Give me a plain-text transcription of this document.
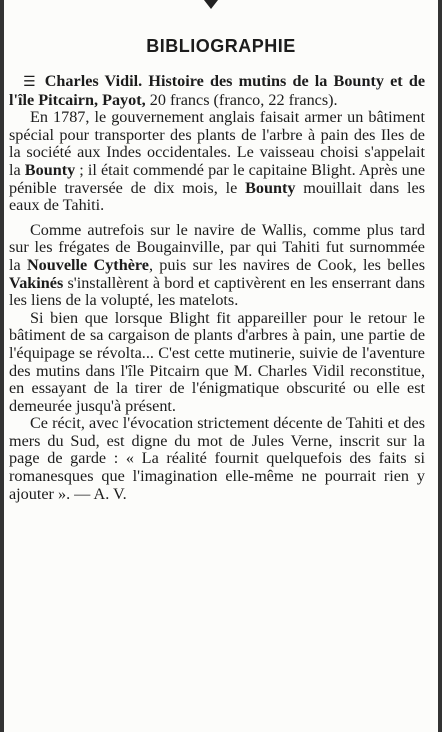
BIBLIOGRAPHIE

☰ Charles Vidil. Histoire des mutins de la Bounty et de l'île Pitcairn, Payot, 20 francs (franco, 22 francs).

En 1787, le gouvernement anglais faisait armer un bâtiment spécial pour transporter des plants de l'arbre à pain des Iles de la société aux Indes occidentales. Le vaisseau choisi s'appelait la Bounty ; il était commendé par le capitaine Blight. Après une pénible traversée de dix mois, le Bounty mouillait dans les eaux de Tahiti.

Comme autrefois sur le navire de Wallis, comme plus tard sur les frégates de Bougainville, par qui Tahiti fut surnommée la Nouvelle Cythère, puis sur les navires de Cook, les belles Vakinés s'installèrent à bord et captivèrent en les enserrant dans les liens de la volupté, les matelots.

Si bien que lorsque Blight fit appareiller pour le retour le bâtiment de sa cargaison de plants d'arbres à pain, une partie de l'équipage se révolta... C'est cette mutinerie, suivie de l'aventure des mutins dans l'île Pitcairn que M. Charles Vidil reconstitue, en essayant de la tirer de l'énigmatique obscurité ou elle est demeurée jusqu'à présent.

Ce récit, avec l'évocation strictement décente de Tahiti et des mers du Sud, est digne du mot de Jules Verne, inscrit sur la page de garde : « La réalité fournit quelquefois des faits si romanesques que l'imagination elle-même ne pourrait rien y ajouter ». — A. V.
